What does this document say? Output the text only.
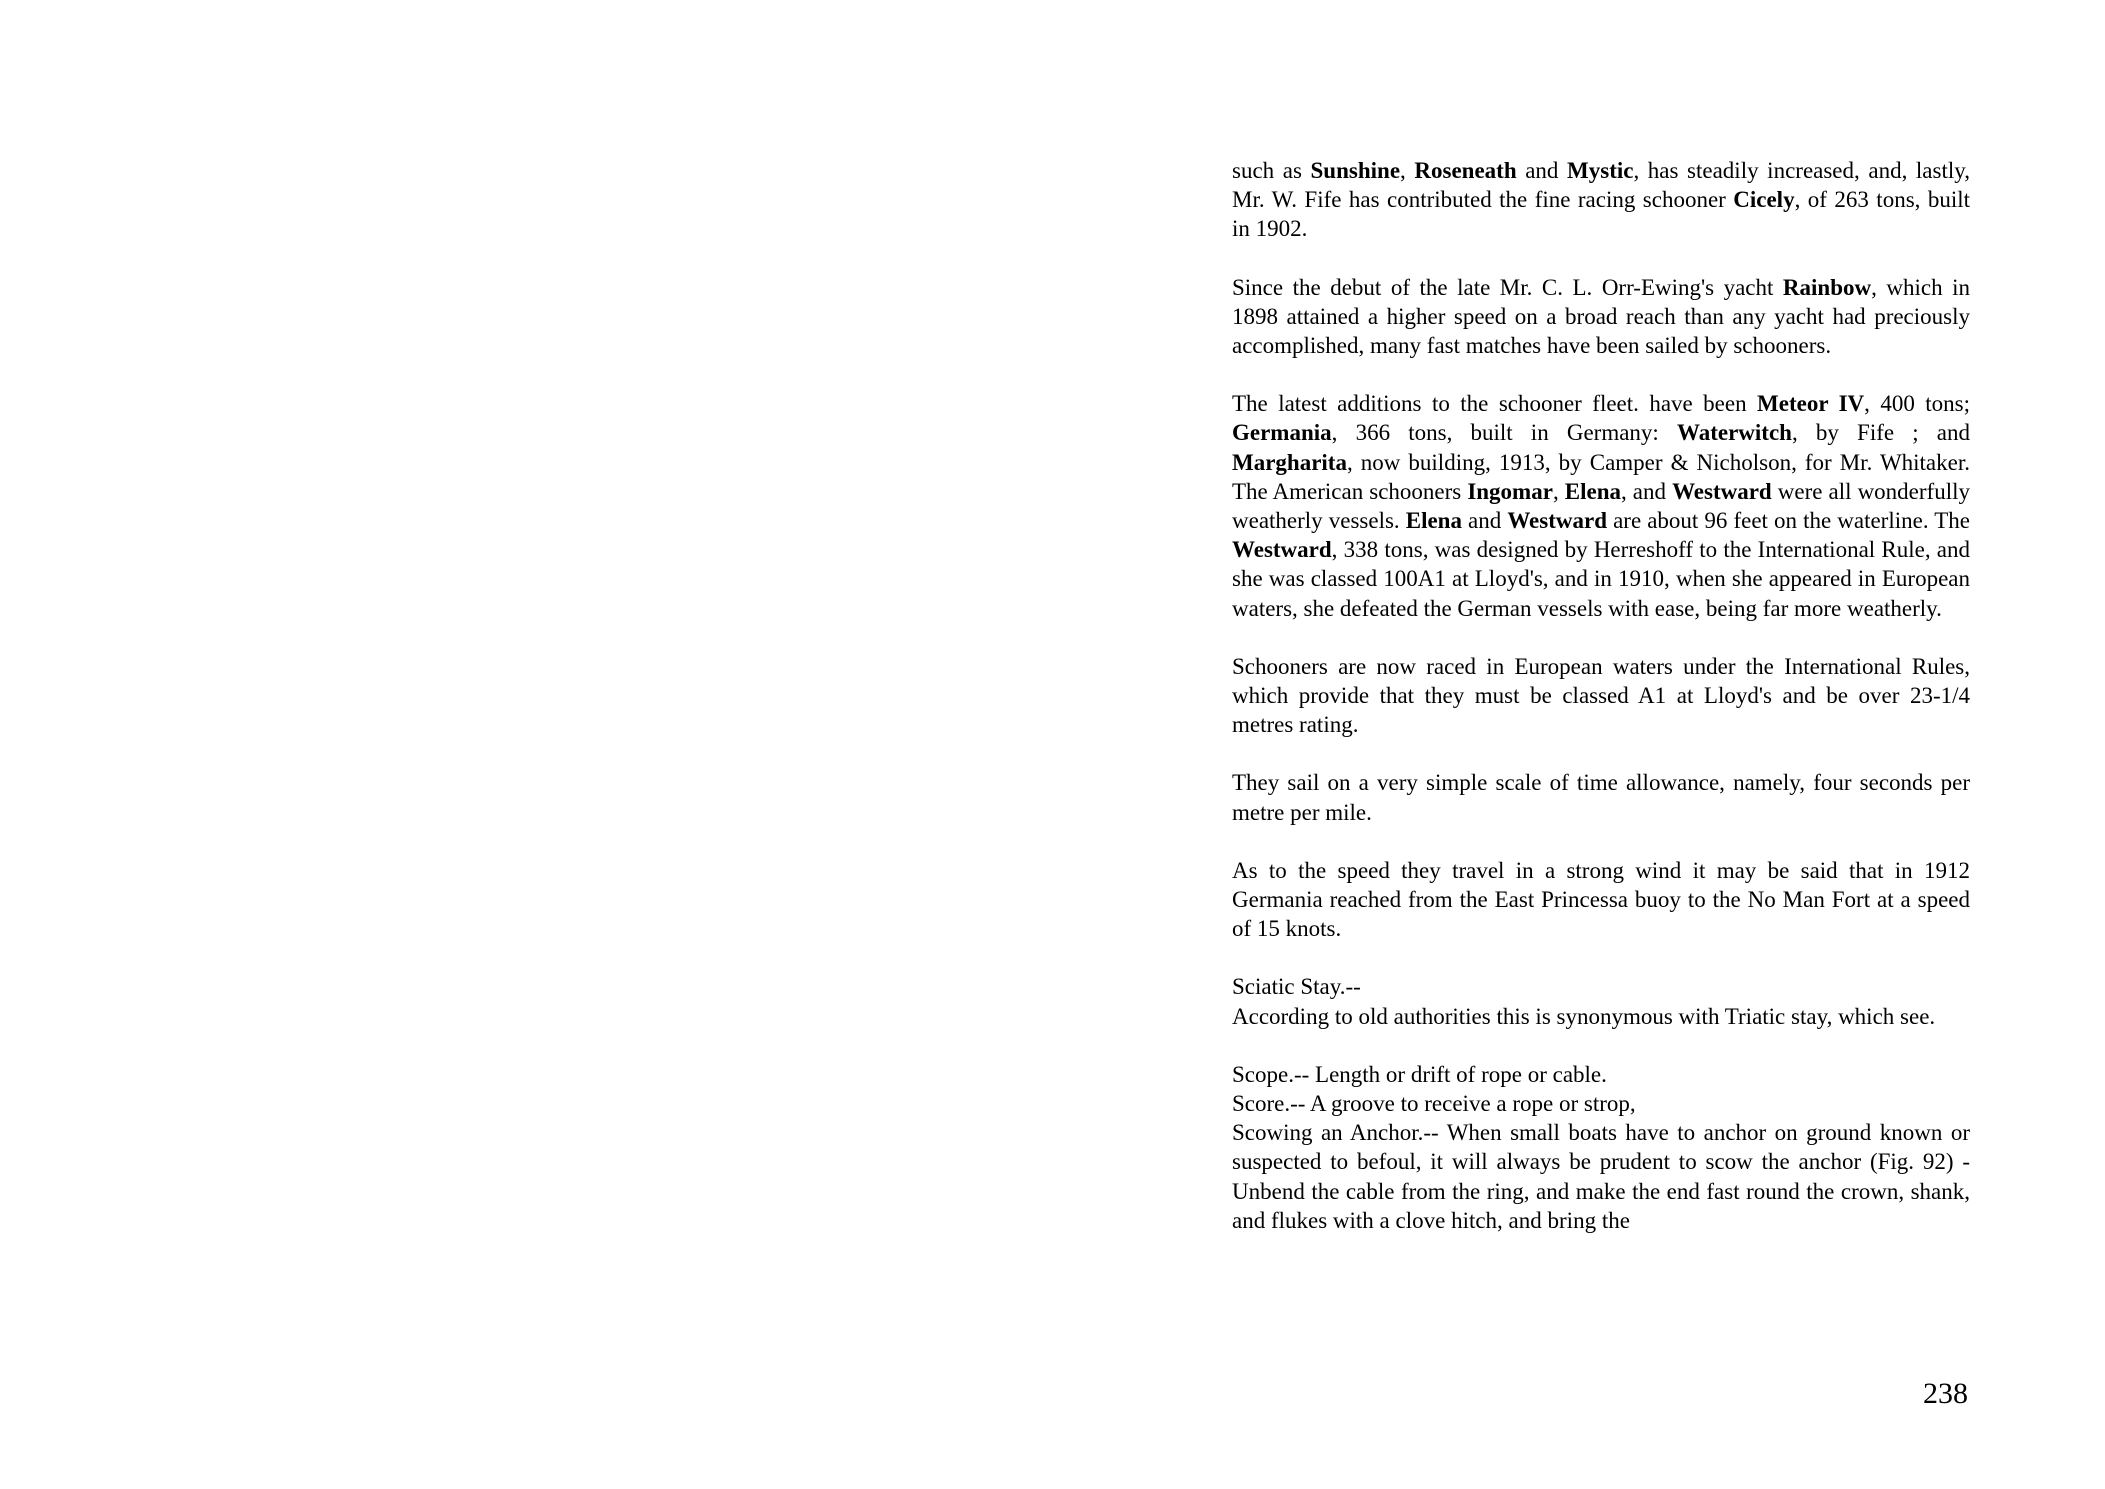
such as Sunshine, Roseneath and Mystic, has steadily increased, and, lastly, Mr. W. Fife has contributed the fine racing schooner Cicely, of 263 tons, built in 1902.

Since the debut of the late Mr. C. L. Orr-Ewing's yacht Rainbow, which in 1898 attained a higher speed on a broad reach than any yacht had preciously accomplished, many fast matches have been sailed by schooners.

The latest additions to the schooner fleet. have been Meteor IV, 400 tons; Germania, 366 tons, built in Germany: Waterwitch, by Fife ; and Margharita, now building, 1913, by Camper & Nicholson, for Mr. Whitaker. The American schooners Ingomar, Elena, and Westward were all wonderfully weatherly vessels. Elena and Westward are about 96 feet on the waterline. The Westward, 338 tons, was designed by Herreshoff to the International Rule, and she was classed 100A1 at Lloyd's, and in 1910, when she appeared in European waters, she defeated the German vessels with ease, being far more weatherly.

Schooners are now raced in European waters under the International Rules, which provide that they must be classed A1 at Lloyd's and be over 23-1/4 metres rating.

They sail on a very simple scale of time allowance, namely, four seconds per metre per mile.

As to the speed they travel in a strong wind it may be said that in 1912 Germania reached from the East Princessa buoy to the No Man Fort at a speed of 15 knots.

Sciatic Stay.--

According to old authorities this is synonymous with Triatic stay, which see.

Scope.-- Length or drift of rope or cable.

Score.-- A groove to receive a rope or strop,

Scowing an Anchor.-- When small boats have to anchor on ground known or suspected to befoul, it will always be prudent to scow the anchor (Fig. 92) - Unbend the cable from the ring, and make the end fast round the crown, shank, and flukes with a clove hitch, and bring the

238
